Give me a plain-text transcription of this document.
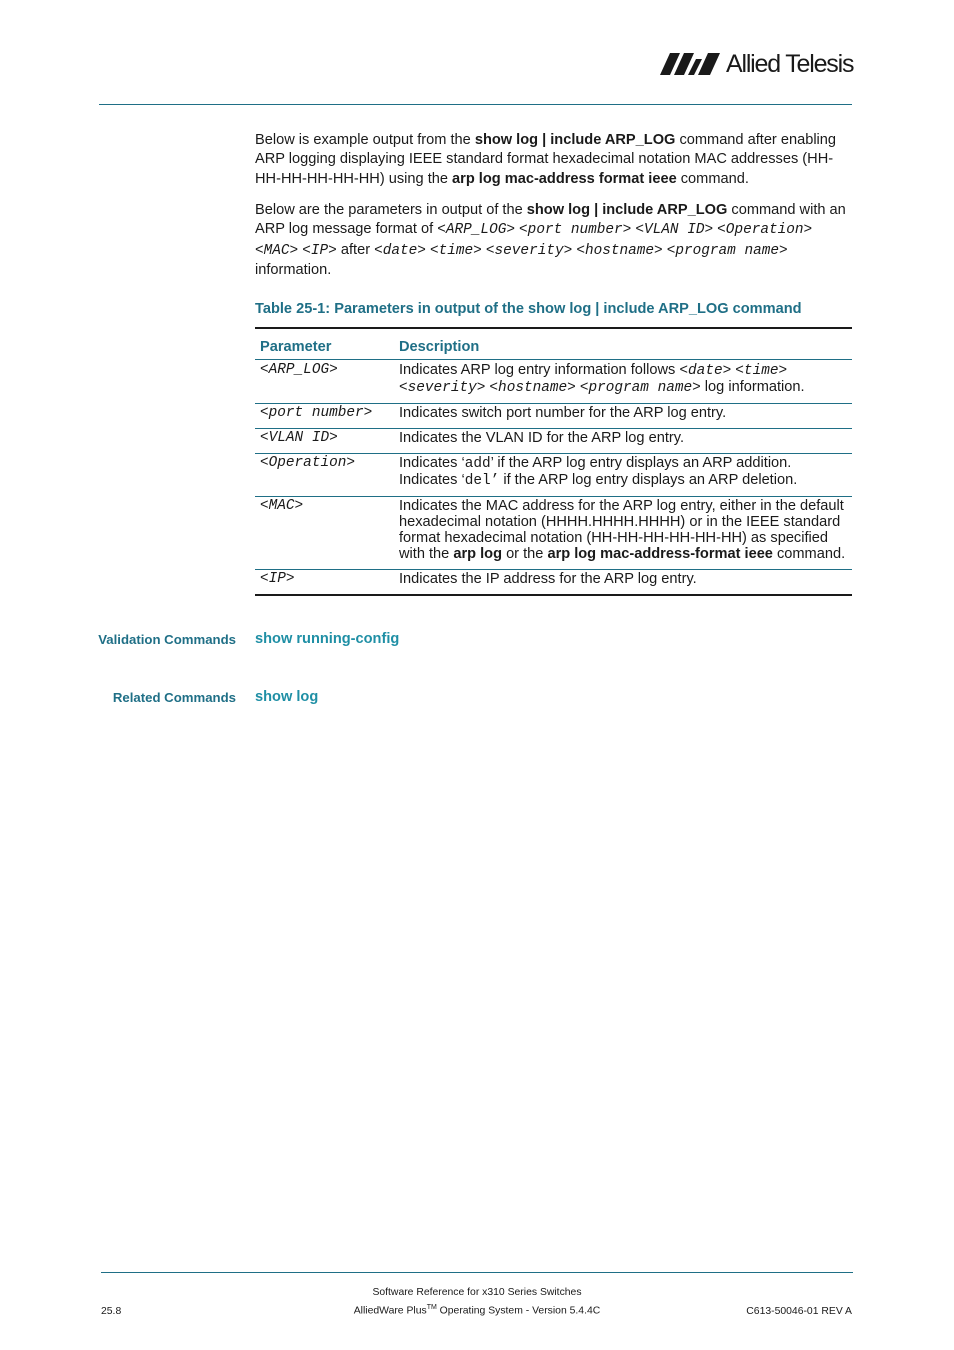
Allied Telesis
Below is example output from the show log | include ARP_LOG command after enabling ARP logging displaying IEEE standard format hexadecimal notation MAC addresses (HH-HH-HH-HH-HH-HH) using the arp log mac-address format ieee command.
Below are the parameters in output of the show log | include ARP_LOG command with an ARP log message format of <ARP_LOG> <port number> <VLAN ID> <Operation> <MAC> <IP> after <date> <time> <severity> <hostname> <program name> information.
Table 25-1: Parameters in output of the show log | include ARP_LOG command
Parameter	Description
<ARP_LOG>	Indicates ARP log entry information follows <date> <time>
<severity> <hostname> <program name> log information.
<port number>	Indicates switch port number for the ARP log entry.
<VLAN ID>	Indicates the VLAN ID for the ARP log entry.
<Operation>	Indicates ‘add’ if the ARP log entry displays an ARP addition.
Indicates ‘del’ if the ARP log entry displays an ARP deletion.
<MAC>	Indicates the MAC address for the ARP log entry, either in the default hexadecimal notation (HHHH.HHHH.HHHH) or in the IEEE standard format hexadecimal notation (HH-HH-HH-HH-HH-HH) as specified with the arp log or the arp log mac-address-format ieee command.
<IP>	Indicates the IP address for the ARP log entry.
Validation Commands show running-config
Related Commands show log
Software Reference for x310 Series Switches
AlliedWare Plus™ Operating System - Version 5.4.4C
25.8	C613-50046-01 REV A
